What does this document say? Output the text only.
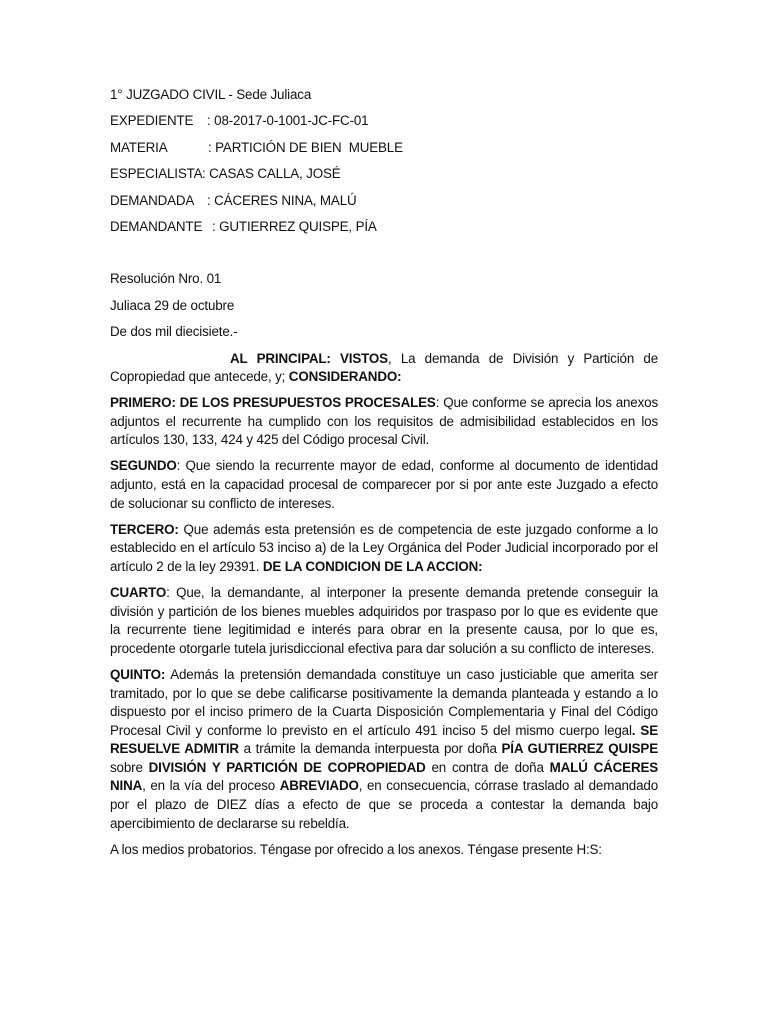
1° JUZGADO CIVIL - Sede Juliaca
EXPEDIENTE : 08-2017-0-1001-JC-FC-01
MATERIA	: PARTICIÓN DE BIEN  MUEBLE
ESPECIALISTA: CASAS CALLA, JOSÉ
DEMANDADA : CÁCERES NINA, MALÚ
DEMANDANTE : GUTIERREZ QUISPE, PÍA
Resolución Nro. 01
Juliaca 29 de octubre
De dos mil diecisiete.-

AL PRINCIPAL: VISTOS, La demanda de División y Partición de Copropiedad que antecede, y; CONSIDERANDO:

PRIMERO: DE LOS PRESUPUESTOS PROCESALES: Que conforme se aprecia los anexos adjuntos el recurrente ha cumplido con los requisitos de admisibilidad establecidos en los artículos 130, 133, 424 y 425 del Código procesal Civil.

SEGUNDO: Que siendo la recurrente mayor de edad, conforme al documento de identidad adjunto, está en la capacidad procesal de comparecer por si por ante este Juzgado a efecto de solucionar su conflicto de intereses.

TERCERO: Que además esta pretensión es de competencia de este juzgado conforme a lo establecido en el artículo 53 inciso a) de la Ley Orgánica del Poder Judicial incorporado por el artículo 2 de la ley 29391. DE LA CONDICION DE LA ACCION:

CUARTO: Que, la demandante, al interponer la presente demanda pretende conseguir la división y partición de los bienes muebles adquiridos por traspaso por lo que es evidente que la recurrente tiene legitimidad e interés para obrar en la presente causa, por lo que es, procedente otorgarle tutela jurisdiccional efectiva para dar solución a su conflicto de intereses.

QUINTO: Además la pretensión demandada constituye un caso justiciable que amerita ser tramitado, por lo que se debe calificarse positivamente la demanda planteada y estando a lo dispuesto por el inciso primero de la Cuarta Disposición Complementaria y Final del Código Procesal Civil y conforme lo previsto en el artículo 491 inciso 5 del mismo cuerpo legal. SE RESUELVE ADMITIR a trámite la demanda interpuesta por doña PÍA GUTIERREZ QUISPE sobre DIVISIÓN Y PARTICIÓN DE COPROPIEDAD en contra de doña MALÚ CÁCERES NINA, en la vía del proceso ABREVIADO, en consecuencia, córrase traslado al demandado por el plazo de DIEZ días a efecto de que se proceda a contestar la demanda bajo apercibimiento de declararse su rebeldía.

A los medios probatorios. Téngase por ofrecido a los anexos. Téngase presente H:S:
